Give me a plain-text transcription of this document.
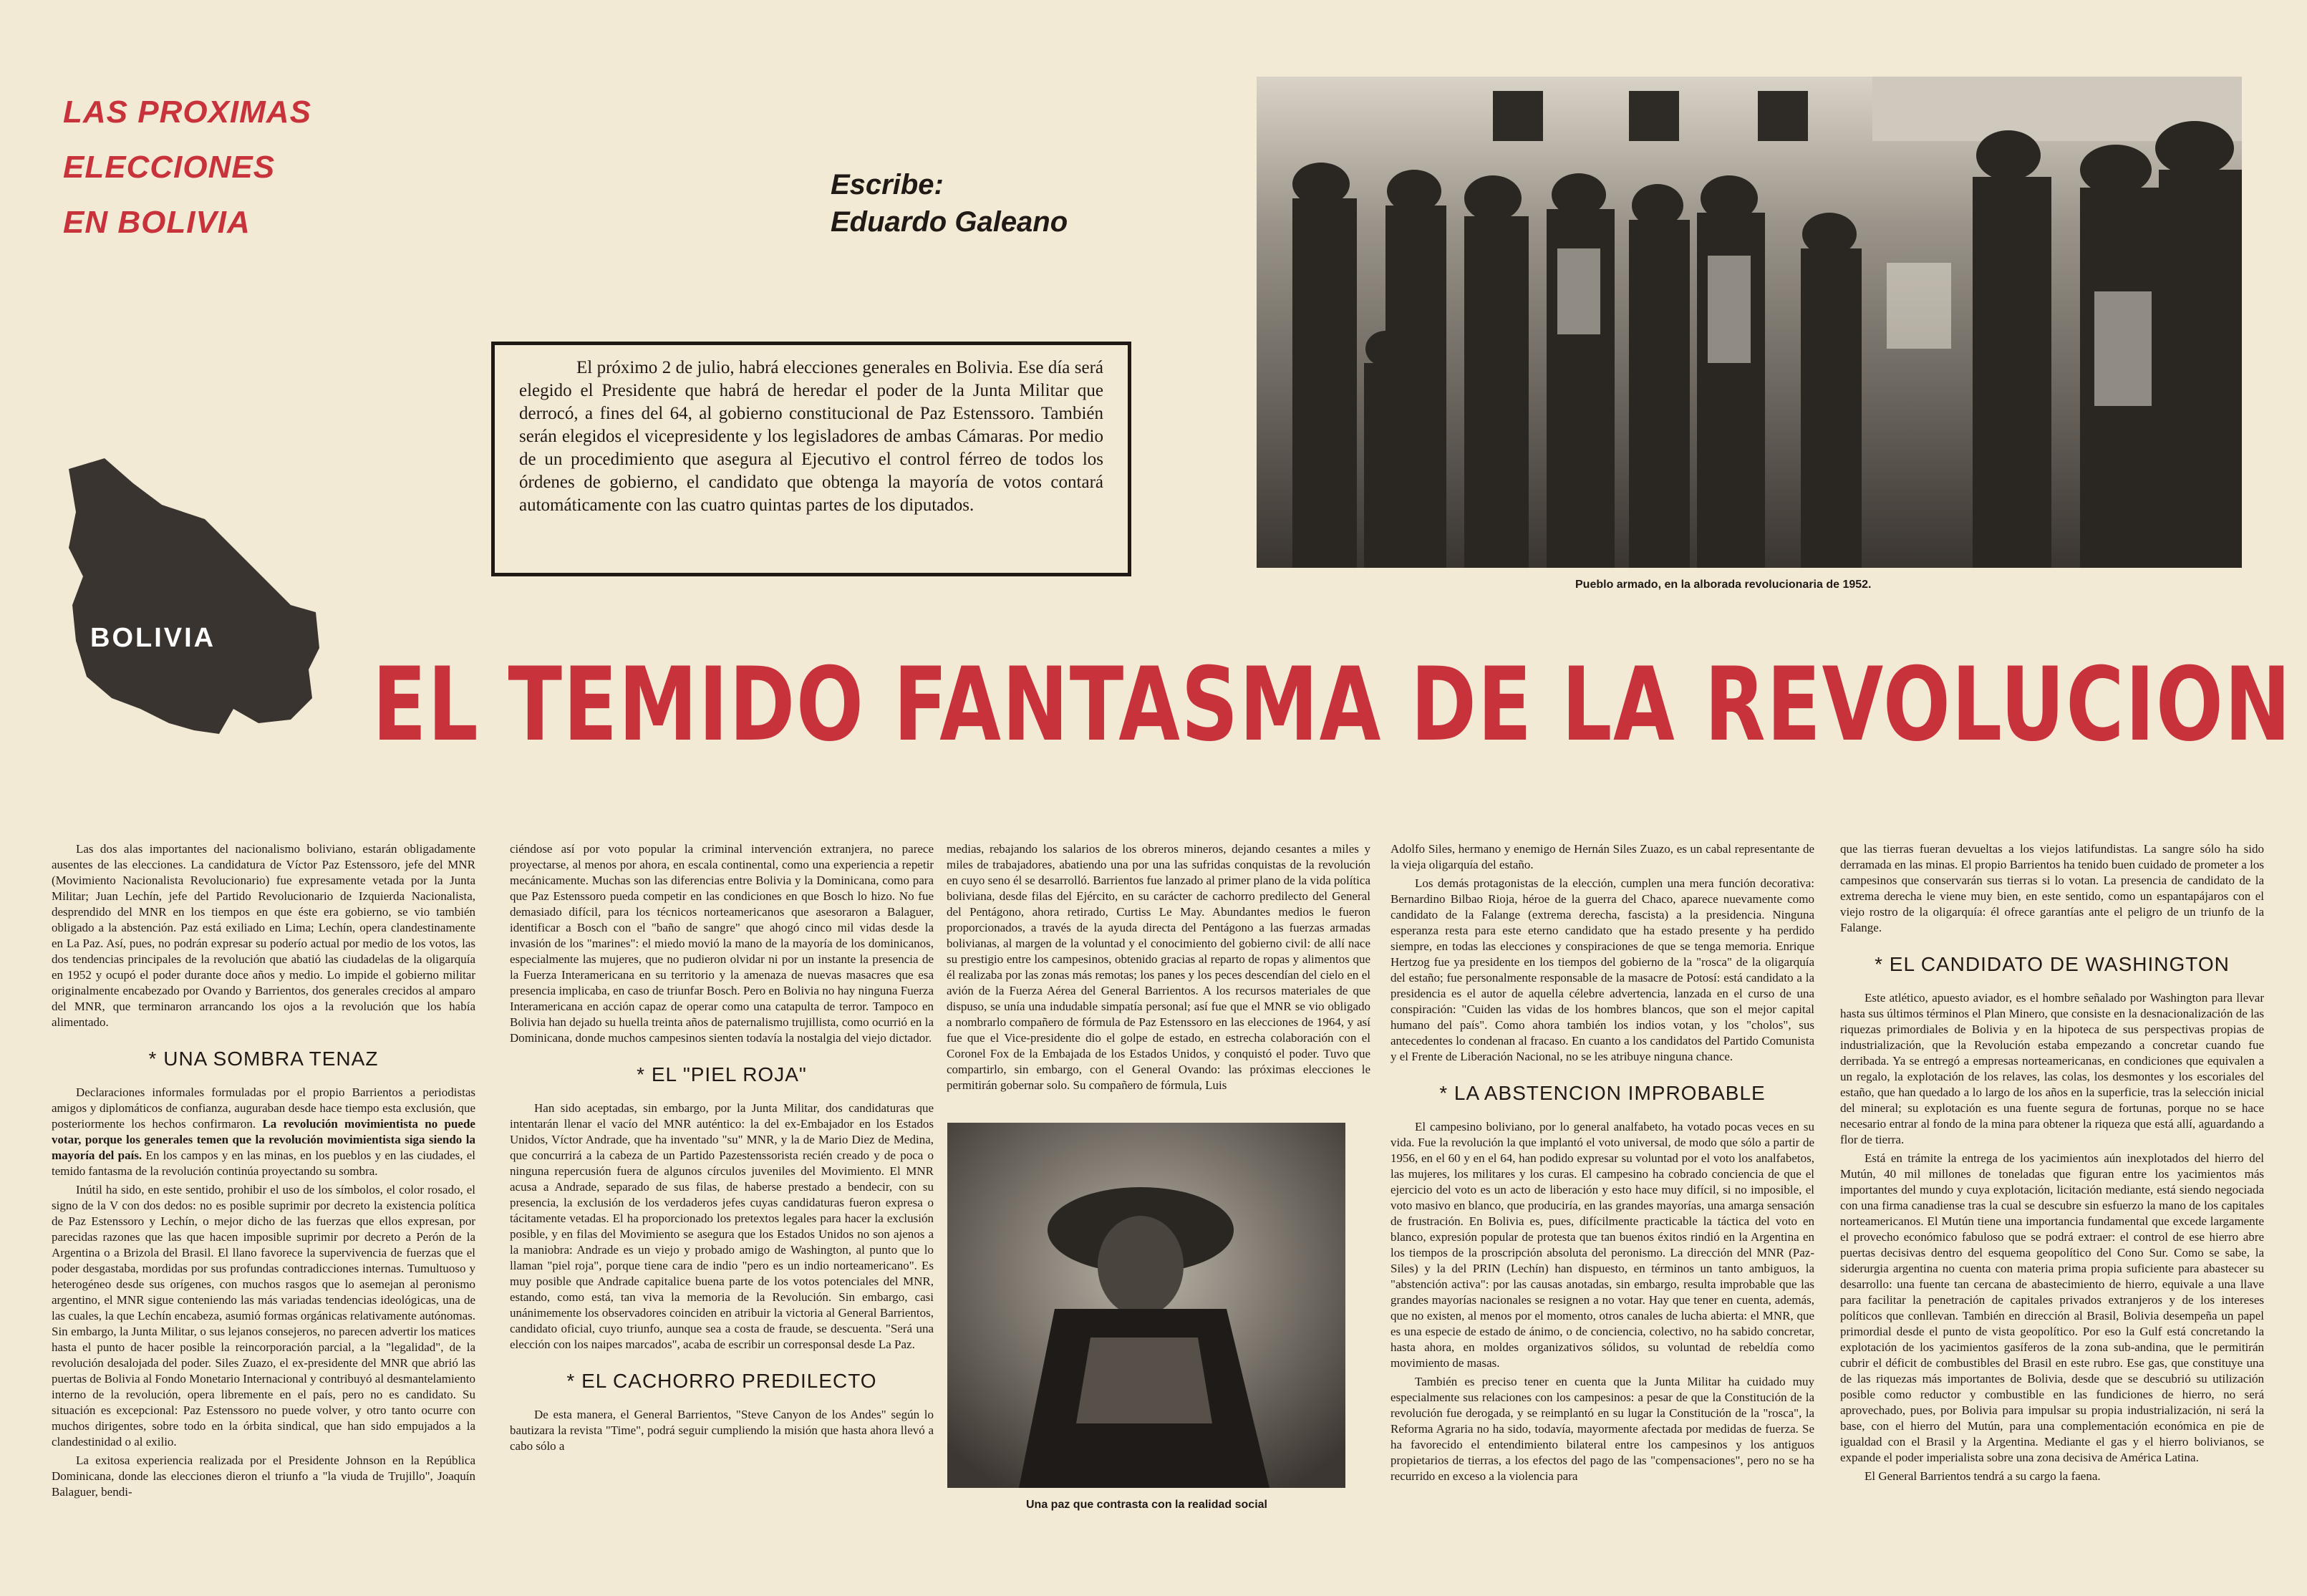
LAS PROXIMAS
ELECCIONES
EN BOLIVIA
Escribe:
Eduardo Galeano
El próximo 2 de julio, habrá elecciones generales en Bolivia. Ese día será elegido el Presidente que habrá de heredar el poder de la Junta Militar que derrocó, a fines del 64, al gobierno constitucional de Paz Estenssoro. También serán elegidos el vicepresidente y los legisladores de ambas Cámaras. Por medio de un procedimiento que asegura al Ejecutivo el control férreo de todos los órdenes de gobierno, el candidato que obtenga la mayoría de votos contará automáticamente con las cuatro quintas partes de los diputados.
Pueblo armado, en la alborada revolucionaria de 1952.
BOLIVIA
EL TEMIDO FANTASMA DE LA REVOLUCION

Las dos alas importantes del nacionalismo boliviano, estarán obligadamente ausentes de las elecciones. La candidatura de Víctor Paz Estenssoro, jefe del MNR (Movimiento Nacionalista Revolucionario) fue expresamente vetada por la Junta Militar; Juan Lechín, jefe del Partido Revolucionario de Izquierda Nacionalista, desprendido del MNR en los tiempos en que éste era gobierno, se vio también obligado a la abstención. Paz está exiliado en Lima; Lechín, opera clandestinamente en La Paz. Así, pues, no podrán expresar su poderío actual por medio de los votos, las dos tendencias principales de la revolución que abatió las ciudadelas de la oligarquía en 1952 y ocupó el poder durante doce años y medio. Lo impide el gobierno militar originalmente encabezado por Ovando y Barrientos, dos generales crecidos al amparo del MNR, que terminaron arrancando los ojos a la revolución que los había alimentado.

* UNA SOMBRA TENAZ

Declaraciones informales formuladas por el propio Barrientos a periodistas amigos y diplomáticos de confianza, auguraban desde hace tiempo esta exclusión, que posteriormente los hechos confirmaron. La revolución movimientista no puede votar, porque los generales temen que la revolución movimientista siga siendo la mayoría del país. En los campos y en las minas, en los pueblos y en las ciudades, el temido fantasma de la revolución continúa proyectando su sombra.

Inútil ha sido, en este sentido, prohibir el uso de los símbolos, el color rosado, el signo de la V con dos dedos: no es posible suprimir por decreto la existencia política de Paz Estenssoro y Lechín, o mejor dicho de las fuerzas que ellos expresan, por parecidas razones que las que hacen imposible suprimir por decreto a Perón de la Argentina o a Brizola del Brasil. El llano favorece la supervivencia de fuerzas que el poder desgastaba, mordidas por sus profundas contradicciones internas. Tumultuoso y heterogéneo desde sus orígenes, con muchos rasgos que lo asemejan al peronismo argentino, el MNR sigue conteniendo las más variadas tendencias ideológicas, una de las cuales, la que Lechín encabeza, asumió formas orgánicas relativamente autónomas. Sin embargo, la Junta Militar, o sus lejanos consejeros, no parecen advertir los matices hasta el punto de hacer posible la reincorporación parcial, a la "legalidad", de la revolución desalojada del poder. Siles Zuazo, el ex-presidente del MNR que abrió las puertas de Bolivia al Fondo Monetario Internacional y contribuyó al desmantelamiento interno de la revolución, opera libremente en el país, pero no es candidato. Su situación es excepcional: Paz Estenssoro no puede volver, y otro tanto ocurre con muchos dirigentes, sobre todo en la órbita sindical, que han sido empujados a la clandestinidad o al exilio.

La exitosa experiencia realizada por el Presidente Johnson en la República Dominicana, donde las elecciones dieron el triunfo a "la viuda de Trujillo", Joaquín Balaguer, bendi-

ciéndose así por voto popular la criminal intervención extranjera, no parece proyectarse, al menos por ahora, en escala continental, como una experiencia a repetir mecánicamente. Muchas son las diferencias entre Bolivia y la Dominicana, como para que Paz Estenssoro pueda competir en las condiciones en que Bosch lo hizo. No fue demasiado difícil, para los técnicos norteamericanos que asesoraron a Balaguer, identificar a Bosch con el "baño de sangre" que ahogó cinco mil vidas desde la invasión de los "marines": el miedo movió la mano de la mayoría de los dominicanos, especialmente las mujeres, que no pudieron olvidar ni por un instante la presencia de la Fuerza Interamericana en su territorio y la amenaza de nuevas masacres que esa presencia implicaba, en caso de triunfar Bosch. Pero en Bolivia no hay ninguna Fuerza Interamericana en acción capaz de operar como una catapulta de terror. Tampoco en Bolivia han dejado su huella treinta años de paternalismo trujillista, como ocurrió en la Dominicana, donde muchos campesinos sienten todavía la nostalgia del viejo dictador.

* EL "PIEL ROJA"

Han sido aceptadas, sin embargo, por la Junta Militar, dos candidaturas que intentarán llenar el vacío del MNR auténtico: la del ex-Embajador en los Estados Unidos, Víctor Andrade, que ha inventado "su" MNR, y la de Mario Diez de Medina, que concurrirá a la cabeza de un Partido Pazestenssorista recién creado y de poca o ninguna repercusión fuera de algunos círculos juveniles del Movimiento. El MNR acusa a Andrade, separado de sus filas, de haberse prestado a bendecir, con su presencia, la exclusión de los verdaderos jefes cuyas candidaturas fueron expresa o tácitamente vetadas. El ha proporcionado los pretextos legales para hacer la exclusión posible, y en filas del Movimiento se asegura que los Estados Unidos no son ajenos a la maniobra: Andrade es un viejo y probado amigo de Washington, al punto que lo llaman "piel roja", porque tiene cara de indio "pero es un indio norteamericano". Es muy posible que Andrade capitalice buena parte de los votos potenciales del MNR, estando, como está, tan viva la memoria de la Revolución. Sin embargo, casi unánimemente los observadores coinciden en atribuir la victoria al General Barrientos, candidato oficial, cuyo triunfo, aunque sea a costa de fraude, se descuenta. "Será una elección con los naipes marcados", acaba de escribir un corresponsal desde La Paz.

* EL CACHORRO PREDILECTO

De esta manera, el General Barrientos, "Steve Canyon de los Andes" según lo bautizara la revista "Time", podrá seguir cumpliendo la misión que hasta ahora llevó a cabo sólo a

medias, rebajando los salarios de los obreros mineros, dejando cesantes a miles y miles de trabajadores, abatiendo una por una las sufridas conquistas de la revolución en cuyo seno él se desarrolló. Barrientos fue lanzado al primer plano de la vida política boliviana, desde filas del Ejército, en su carácter de cachorro predilecto del General del Pentágono, ahora retirado, Curtiss Le May. Abundantes medios le fueron proporcionados, a través de la ayuda directa del Pentágono a las fuerzas armadas bolivianas, al margen de la voluntad y el conocimiento del gobierno civil: de allí nace su prestigio entre los campesinos, obtenido gracias al reparto de ropas y alimentos que él realizaba por las zonas más remotas; los panes y los peces descendían del cielo en el avión de la Fuerza Aérea del General Barrientos. A los recursos materiales de que dispuso, se unía una indudable simpatía personal; así fue que el MNR se vio obligado a nombrarlo compañero de fórmula de Paz Estenssoro en las elecciones de 1964, y así fue que el Vice-presidente dio el golpe de estado, en estrecha colaboración con el Coronel Fox de la Embajada de los Estados Unidos, y conquistó el poder. Tuvo que compartirlo, sin embargo, con el General Ovando: las próximas elecciones le permitirán gobernar solo. Su compañero de fórmula, Luis

Una paz que contrasta con la realidad social

Adolfo Siles, hermano y enemigo de Hernán Siles Zuazo, es un cabal representante de la vieja oligarquía del estaño.

Los demás protagonistas de la elección, cumplen una mera función decorativa: Bernardino Bilbao Rioja, héroe de la guerra del Chaco, aparece nuevamente como candidato de la Falange (extrema derecha, fascista) a la presidencia. Ninguna esperanza resta para este eterno candidato que ha estado presente y ha perdido siempre, en todas las elecciones y conspiraciones de que se tenga memoria. Enrique Hertzog fue ya presidente en los tiempos del gobierno de la "rosca" de la oligarquía del estaño; fue personalmente responsable de la masacre de Potosí: está candidato a la presidencia es el autor de aquella célebre advertencia, lanzada en el curso de una conspiración: "Cuiden las vidas de los hombres blancos, que son el mejor capital humano del país". Como ahora también los indios votan, y los "cholos", sus antecedentes lo condenan al fracaso. En cuanto a los candidatos del Partido Comunista y el Frente de Liberación Nacional, no se les atribuye ninguna chance.

* LA ABSTENCION IMPROBABLE

El campesino boliviano, por lo general analfabeto, ha votado pocas veces en su vida. Fue la revolución la que implantó el voto universal, de modo que sólo a partir de 1956, en el 60 y en el 64, han podido expresar su voluntad por el voto los analfabetos, las mujeres, los militares y los curas. El campesino ha cobrado conciencia de que el ejercicio del voto es un acto de liberación y esto hace muy difícil, si no imposible, el voto masivo en blanco, que produciría, en las grandes mayorías, una amarga sensación de frustración. En Bolivia es, pues, difícilmente practicable la táctica del voto en blanco, expresión popular de protesta que tan buenos éxitos rindió en la Argentina en los tiempos de la proscripción absoluta del peronismo. La dirección del MNR (Paz-Siles) y la del PRIN (Lechín) han dispuesto, en términos un tanto ambiguos, la "abstención activa": por las causas anotadas, sin embargo, resulta improbable que las grandes mayorías nacionales se resignen a no votar. Hay que tener en cuenta, además, que no existen, al menos por el momento, otros canales de lucha abierta: el MNR, que es una especie de estado de ánimo, o de conciencia, colectivo, no ha sabido concretar, hasta ahora, en moldes organizativos sólidos, su voluntad de rebeldía como movimiento de masas.

También es preciso tener en cuenta que la Junta Militar ha cuidado muy especialmente sus relaciones con los campesinos: a pesar de que la Constitución de la revolución fue derogada, y se reimplantó en su lugar la Constitución de la "rosca", la Reforma Agraria no ha sido, todavía, mayormente afectada por medidas de fuerza. Se ha favorecido el entendimiento bilateral entre los campesinos y los antiguos propietarios de tierras, a los efectos del pago de las "compensaciones", pero no se ha recurrido en exceso a la violencia para

que las tierras fueran devueltas a los viejos latifundistas. La sangre sólo ha sido derramada en las minas. El propio Barrientos ha tenido buen cuidado de prometer a los campesinos que conservarán sus tierras si lo votan. La presencia de candidato de la extrema derecha le viene muy bien, en este sentido, como un espantapájaros con el viejo rostro de la oligarquía: él ofrece garantías ante el peligro de un triunfo de la Falange.

* EL CANDIDATO DE WASHINGTON

Este atlético, apuesto aviador, es el hombre señalado por Washington para llevar hasta sus últimos términos el Plan Minero, que consiste en la desnacionalización de las riquezas primordiales de Bolivia y en la hipoteca de sus perspectivas propias de industrialización, que la Revolución estaba empezando a concretar cuando fue derribada. Ya se entregó a empresas norteamericanas, en condiciones que equivalen a un regalo, la explotación de los relaves, las colas, los desmontes y los escoriales del estaño, que han quedado a lo largo de los años en la superficie, tras la selección inicial del mineral; su explotación es una fuente segura de fortunas, porque no se hace necesario entrar al fondo de la mina para obtener la riqueza que está allí, aguardando a flor de tierra.

Está en trámite la entrega de los yacimientos aún inexplotados del hierro del Mutún, 40 mil millones de toneladas que figuran entre los yacimientos más importantes del mundo y cuya explotación, licitación mediante, está siendo negociada con una firma canadiense tras la cual se descubre sin esfuerzo la mano de los capitales norteamericanos. El Mutún tiene una importancia fundamental que excede largamente el provecho económico fabuloso que se podrá extraer: el control de ese hierro abre puertas decisivas dentro del esquema geopolítico del Cono Sur. Como se sabe, la siderurgia argentina no cuenta con materia prima propia suficiente para abastecer su desarrollo: una fuente tan cercana de abastecimiento de hierro, equivale a una llave para facilitar la penetración de capitales privados extranjeros y de los intereses políticos que conllevan. También en dirección al Brasil, Bolivia desempeña un papel primordial desde el punto de vista geopolítico. Por eso la Gulf está concretando la explotación de los yacimientos gasíferos de la zona sub-andina, que le permitirán cubrir el déficit de combustibles del Brasil en este rubro. Ese gas, que constituye una de las riquezas más importantes de Bolivia, desde que se descubrió su utilización posible como reductor y combustible en las fundiciones de hierro, no será aprovechado, pues, por Bolivia para impulsar su propia industrialización, ni será la base, con el hierro del Mutún, para una complementación económica en pie de igualdad con el Brasil y la Argentina. Mediante el gas y el hierro bolivianos, se expande el poder imperialista sobre una zona decisiva de América Latina.

El General Barrientos tendrá a su cargo la faena.
